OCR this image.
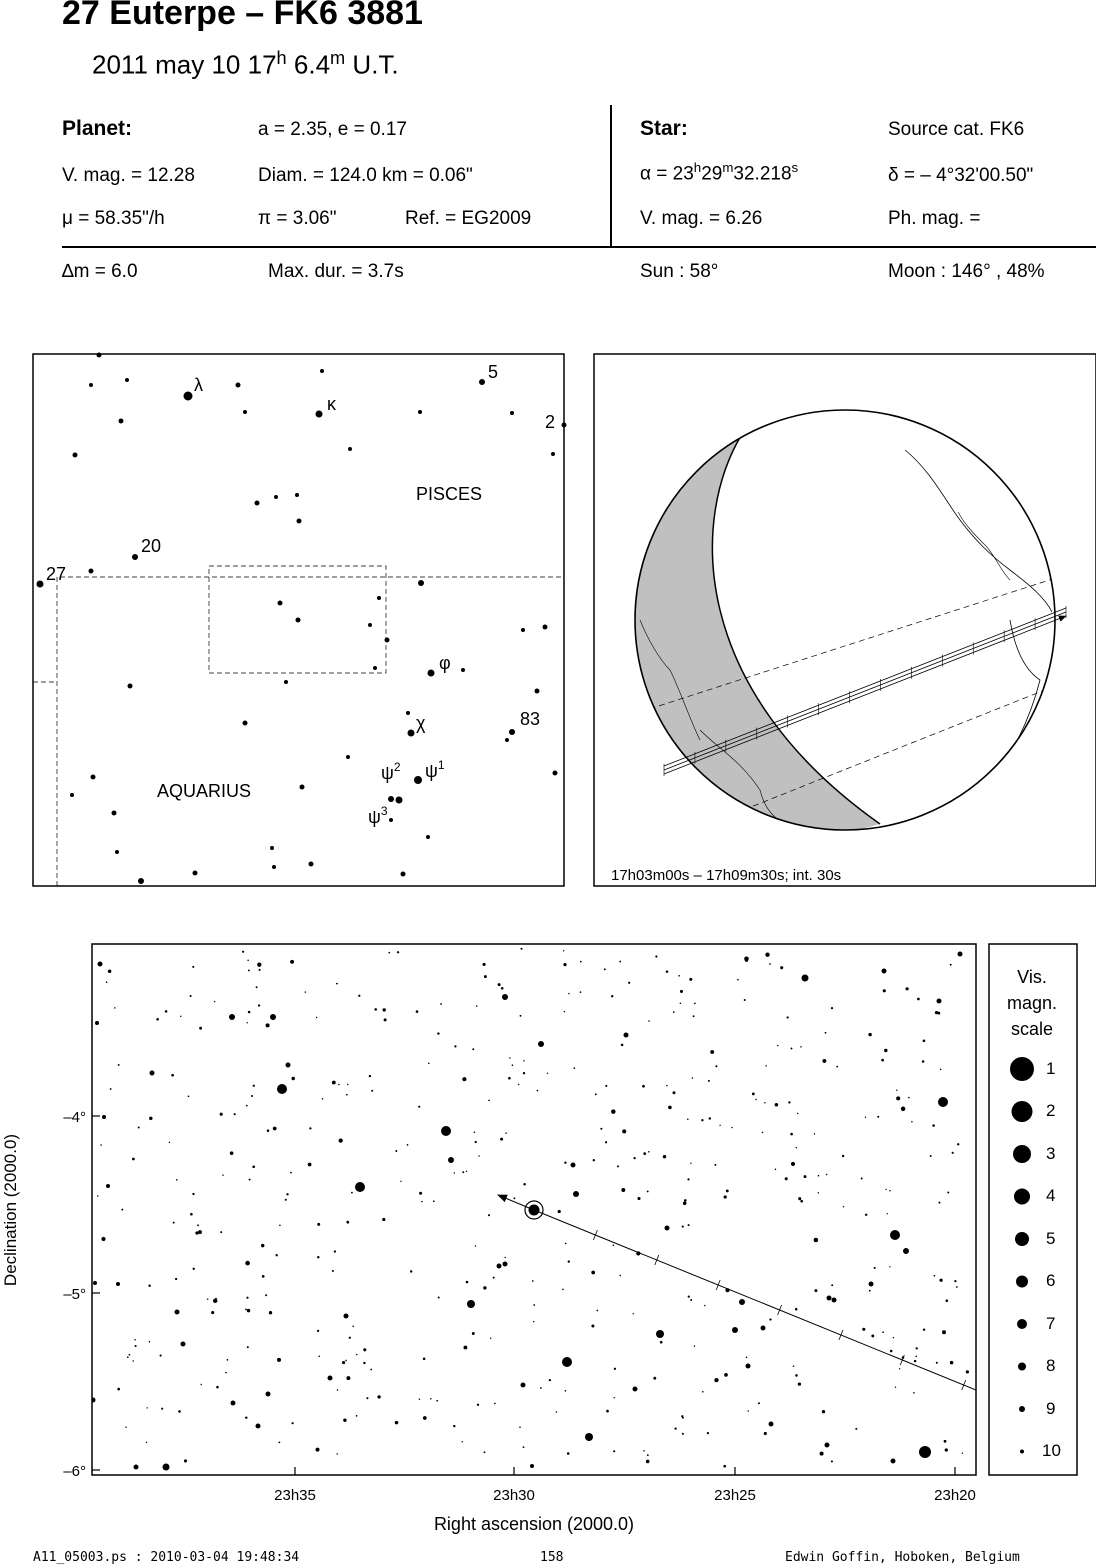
27 Euterpe – FK6 3881
2011 may 10 17$^h$ 6.4$^m$ U.T.
Planet:	a = 2.35, e = 0.17
V. mag. = 12.28	Diam. = 124.0 km = 0.06"
μ = 58.35"/h	π = 3.06"	Ref. = EG2009
Star:	Source cat. FK6
$\alpha = 23^h29^m32.218^s$	δ = – 4°32'00.50"
V. mag. = 6.26	Ph. mag. =
∆m = 6.0	Max. dur. = 3.7s	Sun : 58°	Moon : 146° , 48%
PISCES
AQUARIUS
λ
κ
5
2
20
27
φ
χ	83
$\psi^2$ $\psi^1$
$\psi^3$
17h03m00s – 17h09m30s; int. 30s
–4°
–5°
–6°
23h35	23h30	23h25	23h20
Right ascension (2000.0)
Declination (2000.0)
Vis.
magn.
scale
1
2
3
4
5
6
7
8
9
10
A11_05003.ps : 2010-03-04 19:48:34	158	Edwin Goffin, Hoboken, Belgium
